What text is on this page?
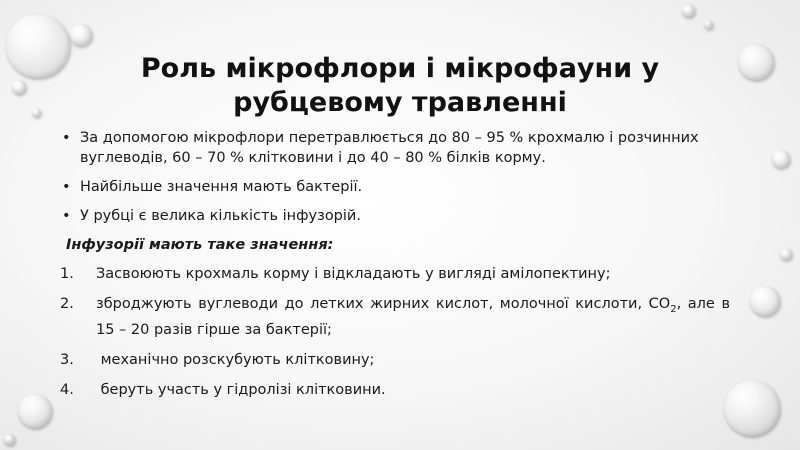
Роль мікрофлори і мікрофауни у
рубцевому травленні
• За допомогою мікрофлори перетравлюється до 80 – 95 % крохмалю і розчинних вуглеводів, 60 – 70 % клітковини і до 40 – 80 % білків корму.
• Найбільше значення мають бактерії.
• У рубці є велика кількість інфузорій.
Інфузорії мають таке значення:
1. Засвоюють крохмаль корму і відкладають у вигляді амілопектину;
2. зброджують вуглеводи до летких жирних кислот, молочної кислоти, $CO_2$, але в 15 – 20 разів гірше за бактерії;
3. механічно розскубують клітковину;
4. беруть участь у гідролізі клітковини.
